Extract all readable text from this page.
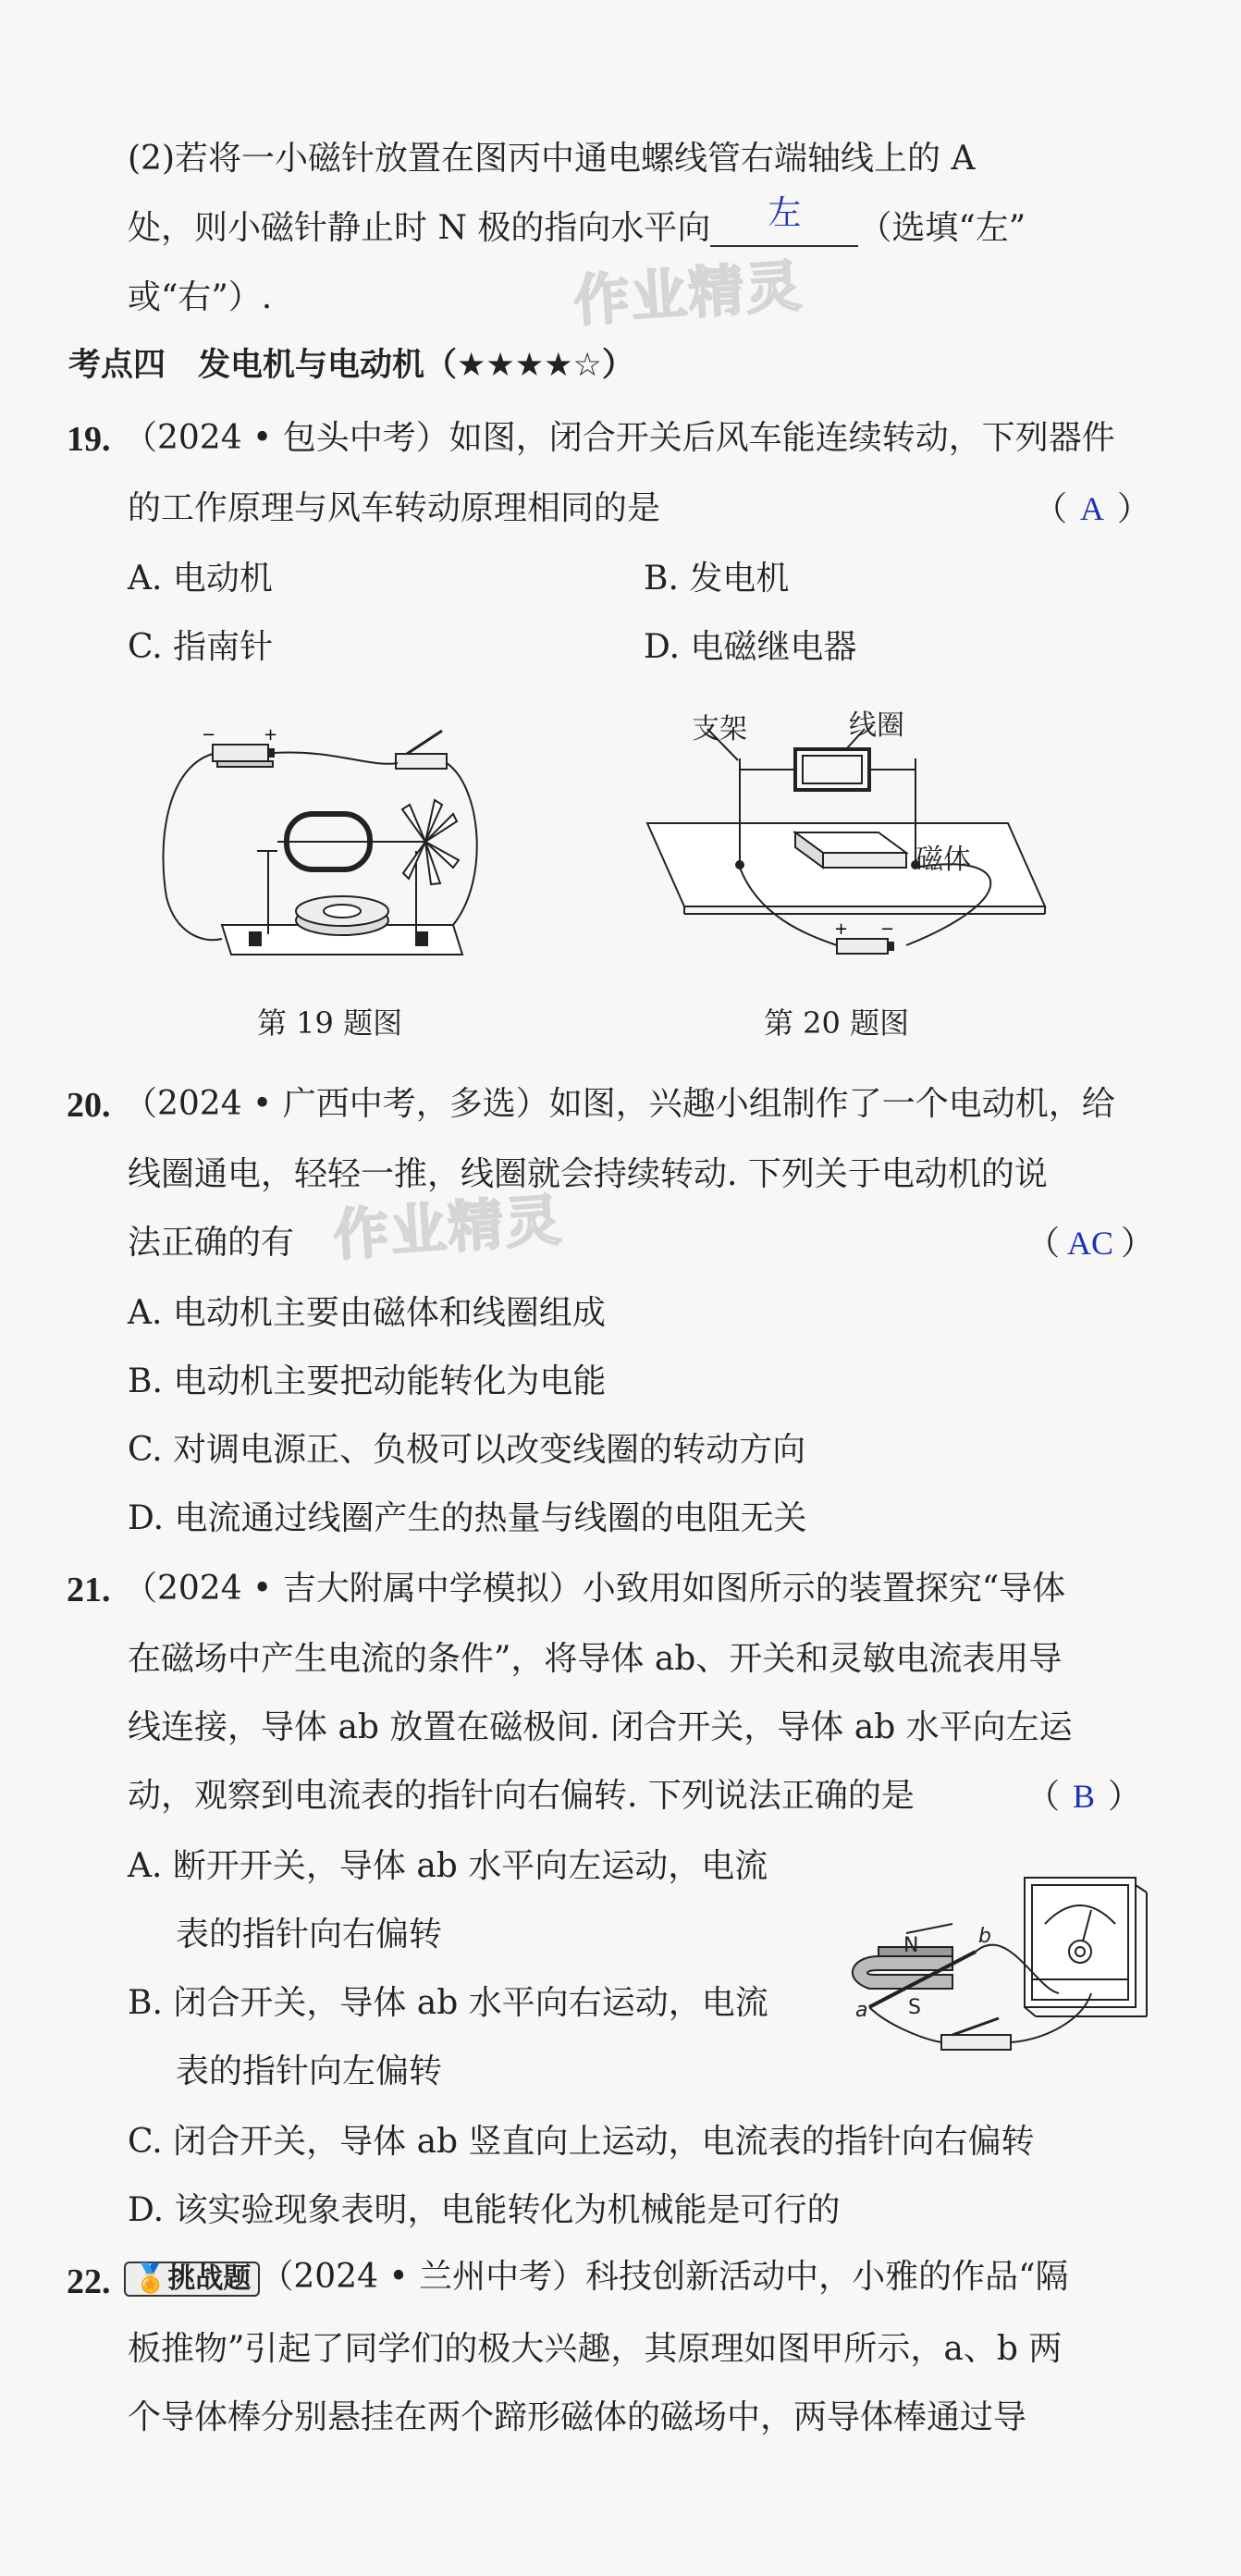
作业精灵
作业精灵
(2)若将一小磁针放置在图丙中通电螺线管右端轴线上的 A
处，则小磁针静止时 N 极的指向水平向 左 （选填“左”
或“右”）.
考点四　发电机与电动机（★★★★☆）
19. （2024 • 包头中考）如图，闭合开关后风车能连续转动，下列器件
的工作原理与风车转动原理相同的是	（ A ）
A. 电动机	B. 发电机
C. 指南针	D. 电磁继电器
−	+
第 19 题图
+ −
支架	线圈
磁体
第 20 题图
20. （2024 • 广西中考，多选）如图，兴趣小组制作了一个电动机，给
线圈通电，轻轻一推，线圈就会持续转动. 下列关于电动机的说
法正确的有	（ AC ）
A. 电动机主要由磁体和线圈组成
B. 电动机主要把动能转化为电能
C. 对调电源正、负极可以改变线圈的转动方向
D. 电流通过线圈产生的热量与线圈的电阻无关
21. （2024 • 吉大附属中学模拟）小致用如图所示的装置探究“导体
在磁场中产生电流的条件”，将导体 ab、开关和灵敏电流表用导
线连接，导体 ab 放置在磁极间. 闭合开关，导体 ab 水平向左运
动，观察到电流表的指针向右偏转. 下列说法正确的是	（ B ）
A. 断开开关，导体 ab 水平向左运动，电流
表的指针向右偏转
B. 闭合开关，导体 ab 水平向右运动，电流
表的指针向左偏转
C. 闭合开关，导体 ab 竖直向上运动，电流表的指针向右偏转
D. 该实验现象表明，电能转化为机械能是可行的
N
S
a
b
22. 🏅挑战题 （2024 • 兰州中考）科技创新活动中，小雅的作品“隔
板推物”引起了同学们的极大兴趣，其原理如图甲所示，a、b 两
个导体棒分别悬挂在两个蹄形磁体的磁场中，两导体棒通过导
